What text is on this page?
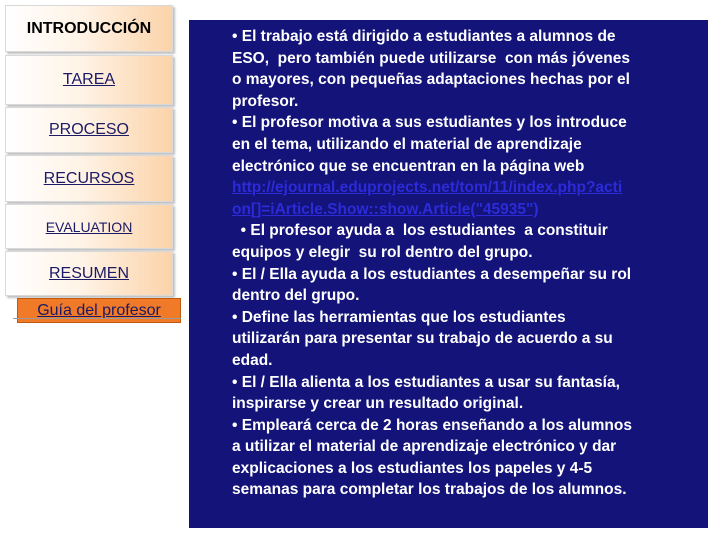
INTRODUCCIÓN
TAREA
PROCESO
RECURSOS
EVALUATION
RESUMEN
Guía del profesor

• El trabajo está dirigido a estudiantes a alumnos de

ESO,  pero también puede utilizarse  con más jóvenes

o mayores, con pequeñas adaptaciones hechas por el

profesor.

• El profesor motiva a sus estudiantes y los introduce

en el tema, utilizando el material de aprendizaje

electrónico que se encuentran en la página web

http://ejournal.eduprojects.net/tom/11/index.php?acti

on[]=iArticle.Show::show.Article("45935")

• El profesor ayuda a  los estudiantes  a constituir

equipos y elegir  su rol dentro del grupo.

• El / Ella ayuda a los estudiantes a desempeñar su rol

dentro del grupo.

• Define las herramientas que los estudiantes

utilizarán para presentar su trabajo de acuerdo a su

edad.

• El / Ella alienta a los estudiantes a usar su fantasía,

inspirarse y crear un resultado original.

• Empleará cerca de 2 horas enseñando a los alumnos

a utilizar el material de aprendizaje electrónico y dar

explicaciones a los estudiantes los papeles y 4-5

semanas para completar los trabajos de los alumnos.
